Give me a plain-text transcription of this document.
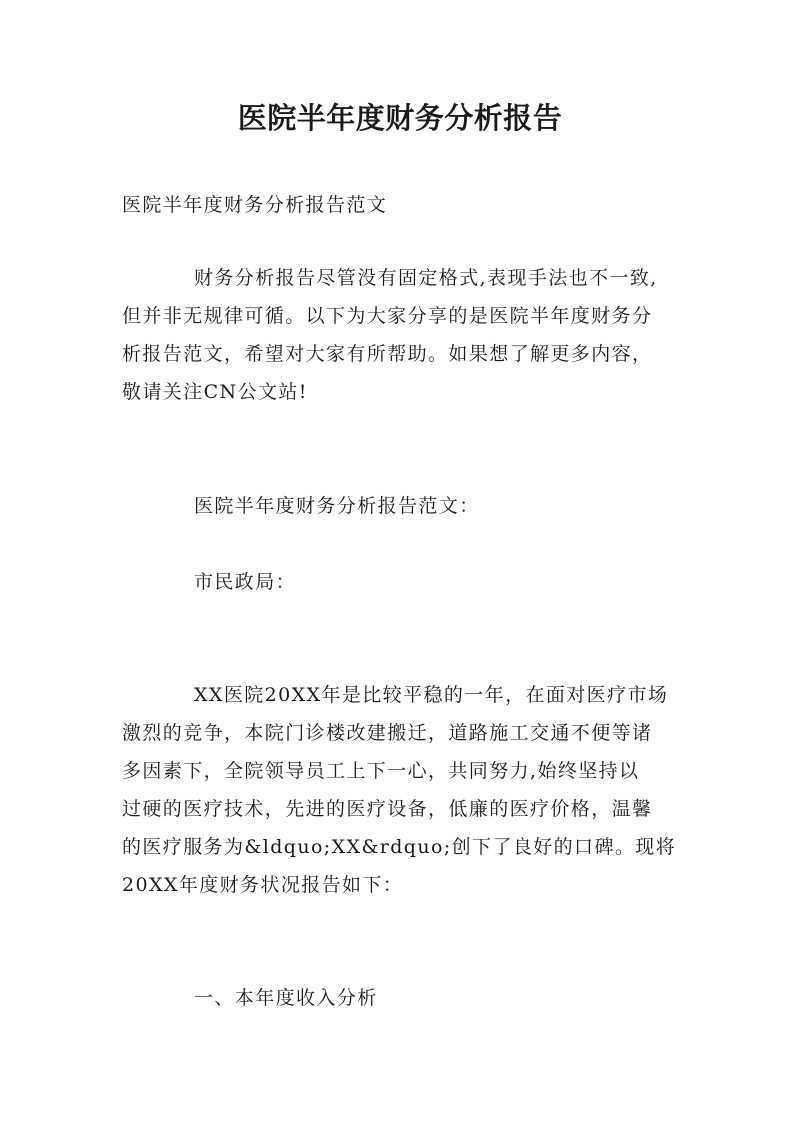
医院半年度财务分析报告

医院半年度财务分析报告范文

财务分析报告尽管没有固定格式,表现手法也不一致,
但并非无规律可循。以下为大家分享的是医院半年度财务分
析报告范文，希望对大家有所帮助。如果想了解更多内容，
敬请关注CN公文站!

医院半年度财务分析报告范文：

市民政局：

XX医院20XX年是比较平稳的一年，在面对医疗市场
激烈的竞争，本院门诊楼改建搬迁，道路施工交通不便等诸
多因素下，全院领导员工上下一心，共同努力,始终坚持以
过硬的医疗技术，先进的医疗设备，低廉的医疗价格，温馨
的医疗服务为&ldquo;XX&rdquo;创下了良好的口碑。现将
20XX年度财务状况报告如下：

一、本年度收入分析
